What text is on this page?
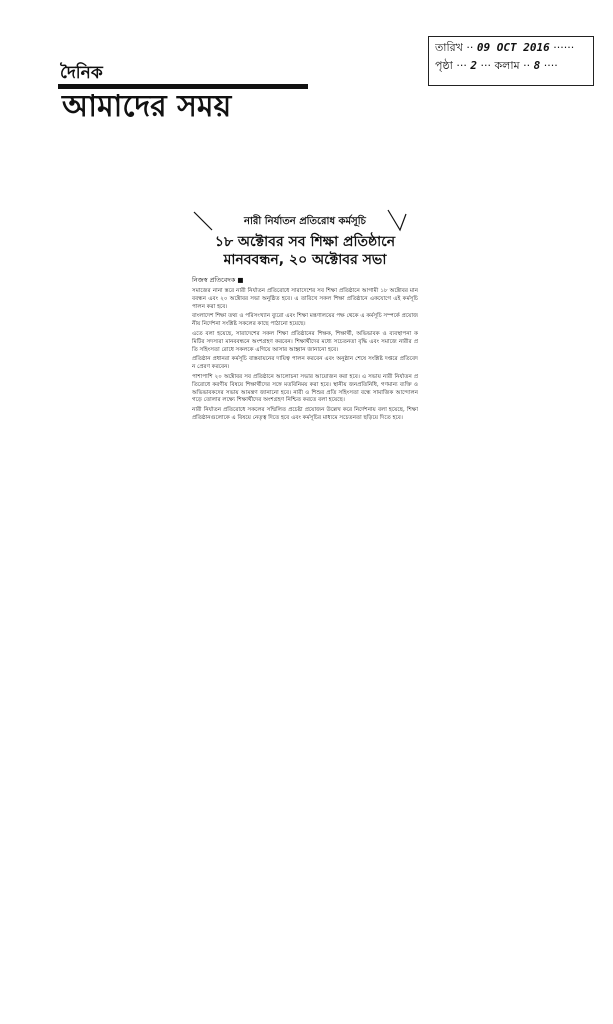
তারিখ ·· 09 OCT 2016 ······
পৃষ্ঠা ··· 2 ··· কলাম ·· 8 ····
দৈনিক
আমাদের সময়

নারী নির্যাতন প্রতিরোধ কর্মসূচি

১৮ অক্টোবর সব শিক্ষা প্রতিষ্ঠানে মানববন্ধন, ২০ অক্টোবর সভা
নিজস্ব প্রতিবেদক ■

সমাজের নানা স্তরে নারী নির্যাতন প্রতিরোধে সারাদেশের সব শিক্ষা প্রতিষ্ঠানে আগামী ১৮ অক্টোবর মানববন্ধন এবং ২০ অক্টোবর সভা অনুষ্ঠিত হবে। এ তারিখে সকল শিক্ষা প্রতিষ্ঠানে একযোগে এই কর্মসূচি পালন করা হবে।

বাংলাদেশ শিক্ষা তথ্য ও পরিসংখ্যান ব্যুরো এবং শিক্ষা মন্ত্রণালয়ের পক্ষ থেকে এ কর্মসূচি সম্পর্কে প্রয়োজনীয় নির্দেশনা সংশ্লিষ্ট সকলের কাছে পাঠানো হয়েছে।

এতে বলা হয়েছে, সারাদেশের সকল শিক্ষা প্রতিষ্ঠানের শিক্ষক, শিক্ষার্থী, অভিভাবক ও ব্যবস্থাপনা কমিটির সদস্যরা মানববন্ধনে অংশগ্রহণ করবেন। শিক্ষার্থীদের মধ্যে সচেতনতা বৃদ্ধি এবং সমাজে নারীর প্রতি সহিংসতা রোধে সকলকে এগিয়ে আসার আহ্বান জানানো হবে।

প্রতিষ্ঠান প্রধানরা কর্মসূচি বাস্তবায়নের দায়িত্ব পালন করবেন এবং অনুষ্ঠান শেষে সংশ্লিষ্ট দপ্তরে প্রতিবেদন প্রেরণ করবেন।

পাশাপাশি ২০ অক্টোবর সব প্রতিষ্ঠানে আলোচনা সভার আয়োজন করা হবে। এ সভায় নারী নির্যাতন প্রতিরোধে করণীয় বিষয়ে শিক্ষার্থীদের সঙ্গে মতবিনিময় করা হবে। স্থানীয় জনপ্রতিনিধি, গণমান্য ব্যক্তি ও অভিভাবকদের সভায় আমন্ত্রণ জানানো হবে। নারী ও শিশুর প্রতি সহিংসতা বন্ধে সামাজিক আন্দোলন গড়ে তোলার লক্ষ্যে শিক্ষার্থীদের অংশগ্রহণ নিশ্চিত করতে বলা হয়েছে।

নারী নির্যাতন প্রতিরোধে সকলের সম্মিলিত প্রচেষ্টা প্রয়োজন উল্লেখ করে নির্দেশনায় বলা হয়েছে, শিক্ষা প্রতিষ্ঠানগুলোকে এ বিষয়ে নেতৃত্ব দিতে হবে এবং কর্মসূচির মাধ্যমে সচেতনতা ছড়িয়ে দিতে হবে।
